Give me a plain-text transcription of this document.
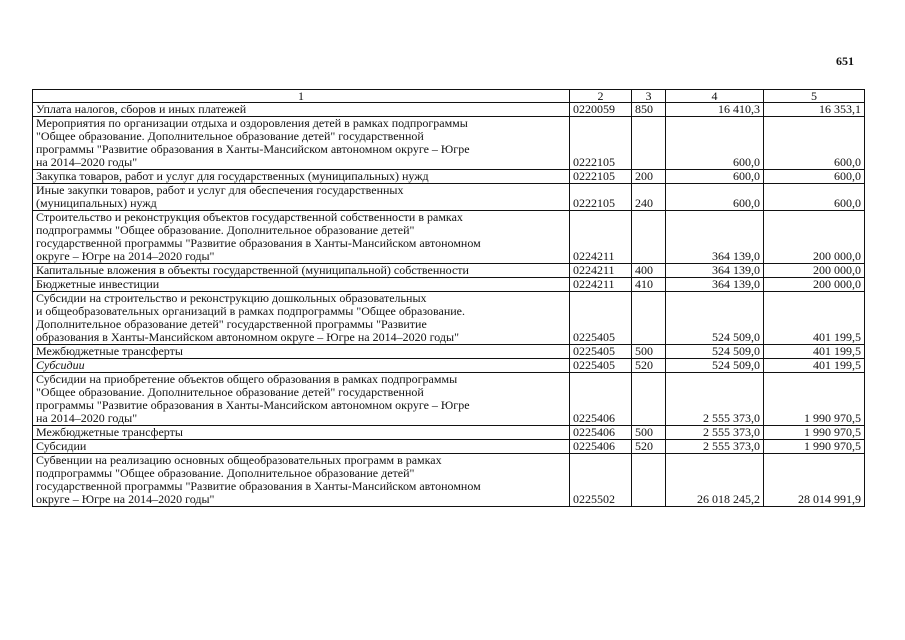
651
1	2	3	4	5
Уплата налогов, сборов и иных платежей	0220059	850	16 410,3	16 353,1
Мероприятия по организации отдыха и оздоровления детей в рамках подпрограммы
"Общее образование. Дополнительное образование детей" государственной
программы "Развитие образования в Ханты-Мансийском автономном округе – Югре
на 2014–2020 годы"	0222105		600,0	600,0
Закупка товаров, работ и услуг для государственных (муниципальных) нужд	0222105	200	600,0	600,0
Иные закупки товаров, работ и услуг для обеспечения государственных
(муниципальных) нужд	0222105	240	600,0	600,0
Строительство и реконструкция объектов государственной собственности в рамках
подпрограммы "Общее образование. Дополнительное образование детей"
государственной программы "Развитие образования в Ханты-Мансийском автономном
округе – Югре на 2014–2020 годы"	0224211		364 139,0	200 000,0
Капитальные вложения в объекты государственной (муниципальной) собственности	0224211	400	364 139,0	200 000,0
Бюджетные инвестиции	0224211	410	364 139,0	200 000,0
Субсидии на строительство и реконструкцию дошкольных образовательных
и общеобразовательных организаций в рамках подпрограммы "Общее образование.
Дополнительное образование детей" государственной программы "Развитие
образования в Ханты-Мансийском автономном округе – Югре на 2014–2020 годы"	0225405		524 509,0	401 199,5
Межбюджетные трансферты	0225405	500	524 509,0	401 199,5
Субсидии	0225405	520	524 509,0	401 199,5
Субсидии на приобретение объектов общего образования в рамках подпрограммы
"Общее образование. Дополнительное образование детей" государственной
программы "Развитие образования в Ханты-Мансийском автономном округе – Югре
на 2014–2020 годы"	0225406		2 555 373,0	1 990 970,5
Межбюджетные трансферты	0225406	500	2 555 373,0	1 990 970,5
Субсидии	0225406	520	2 555 373,0	1 990 970,5
Субвенции на реализацию основных общеобразовательных программ в рамках
подпрограммы "Общее образование. Дополнительное образование детей"
государственной программы "Развитие образования в Ханты-Мансийском автономном
округе – Югре на 2014–2020 годы"	0225502		26 018 245,2	28 014 991,9
